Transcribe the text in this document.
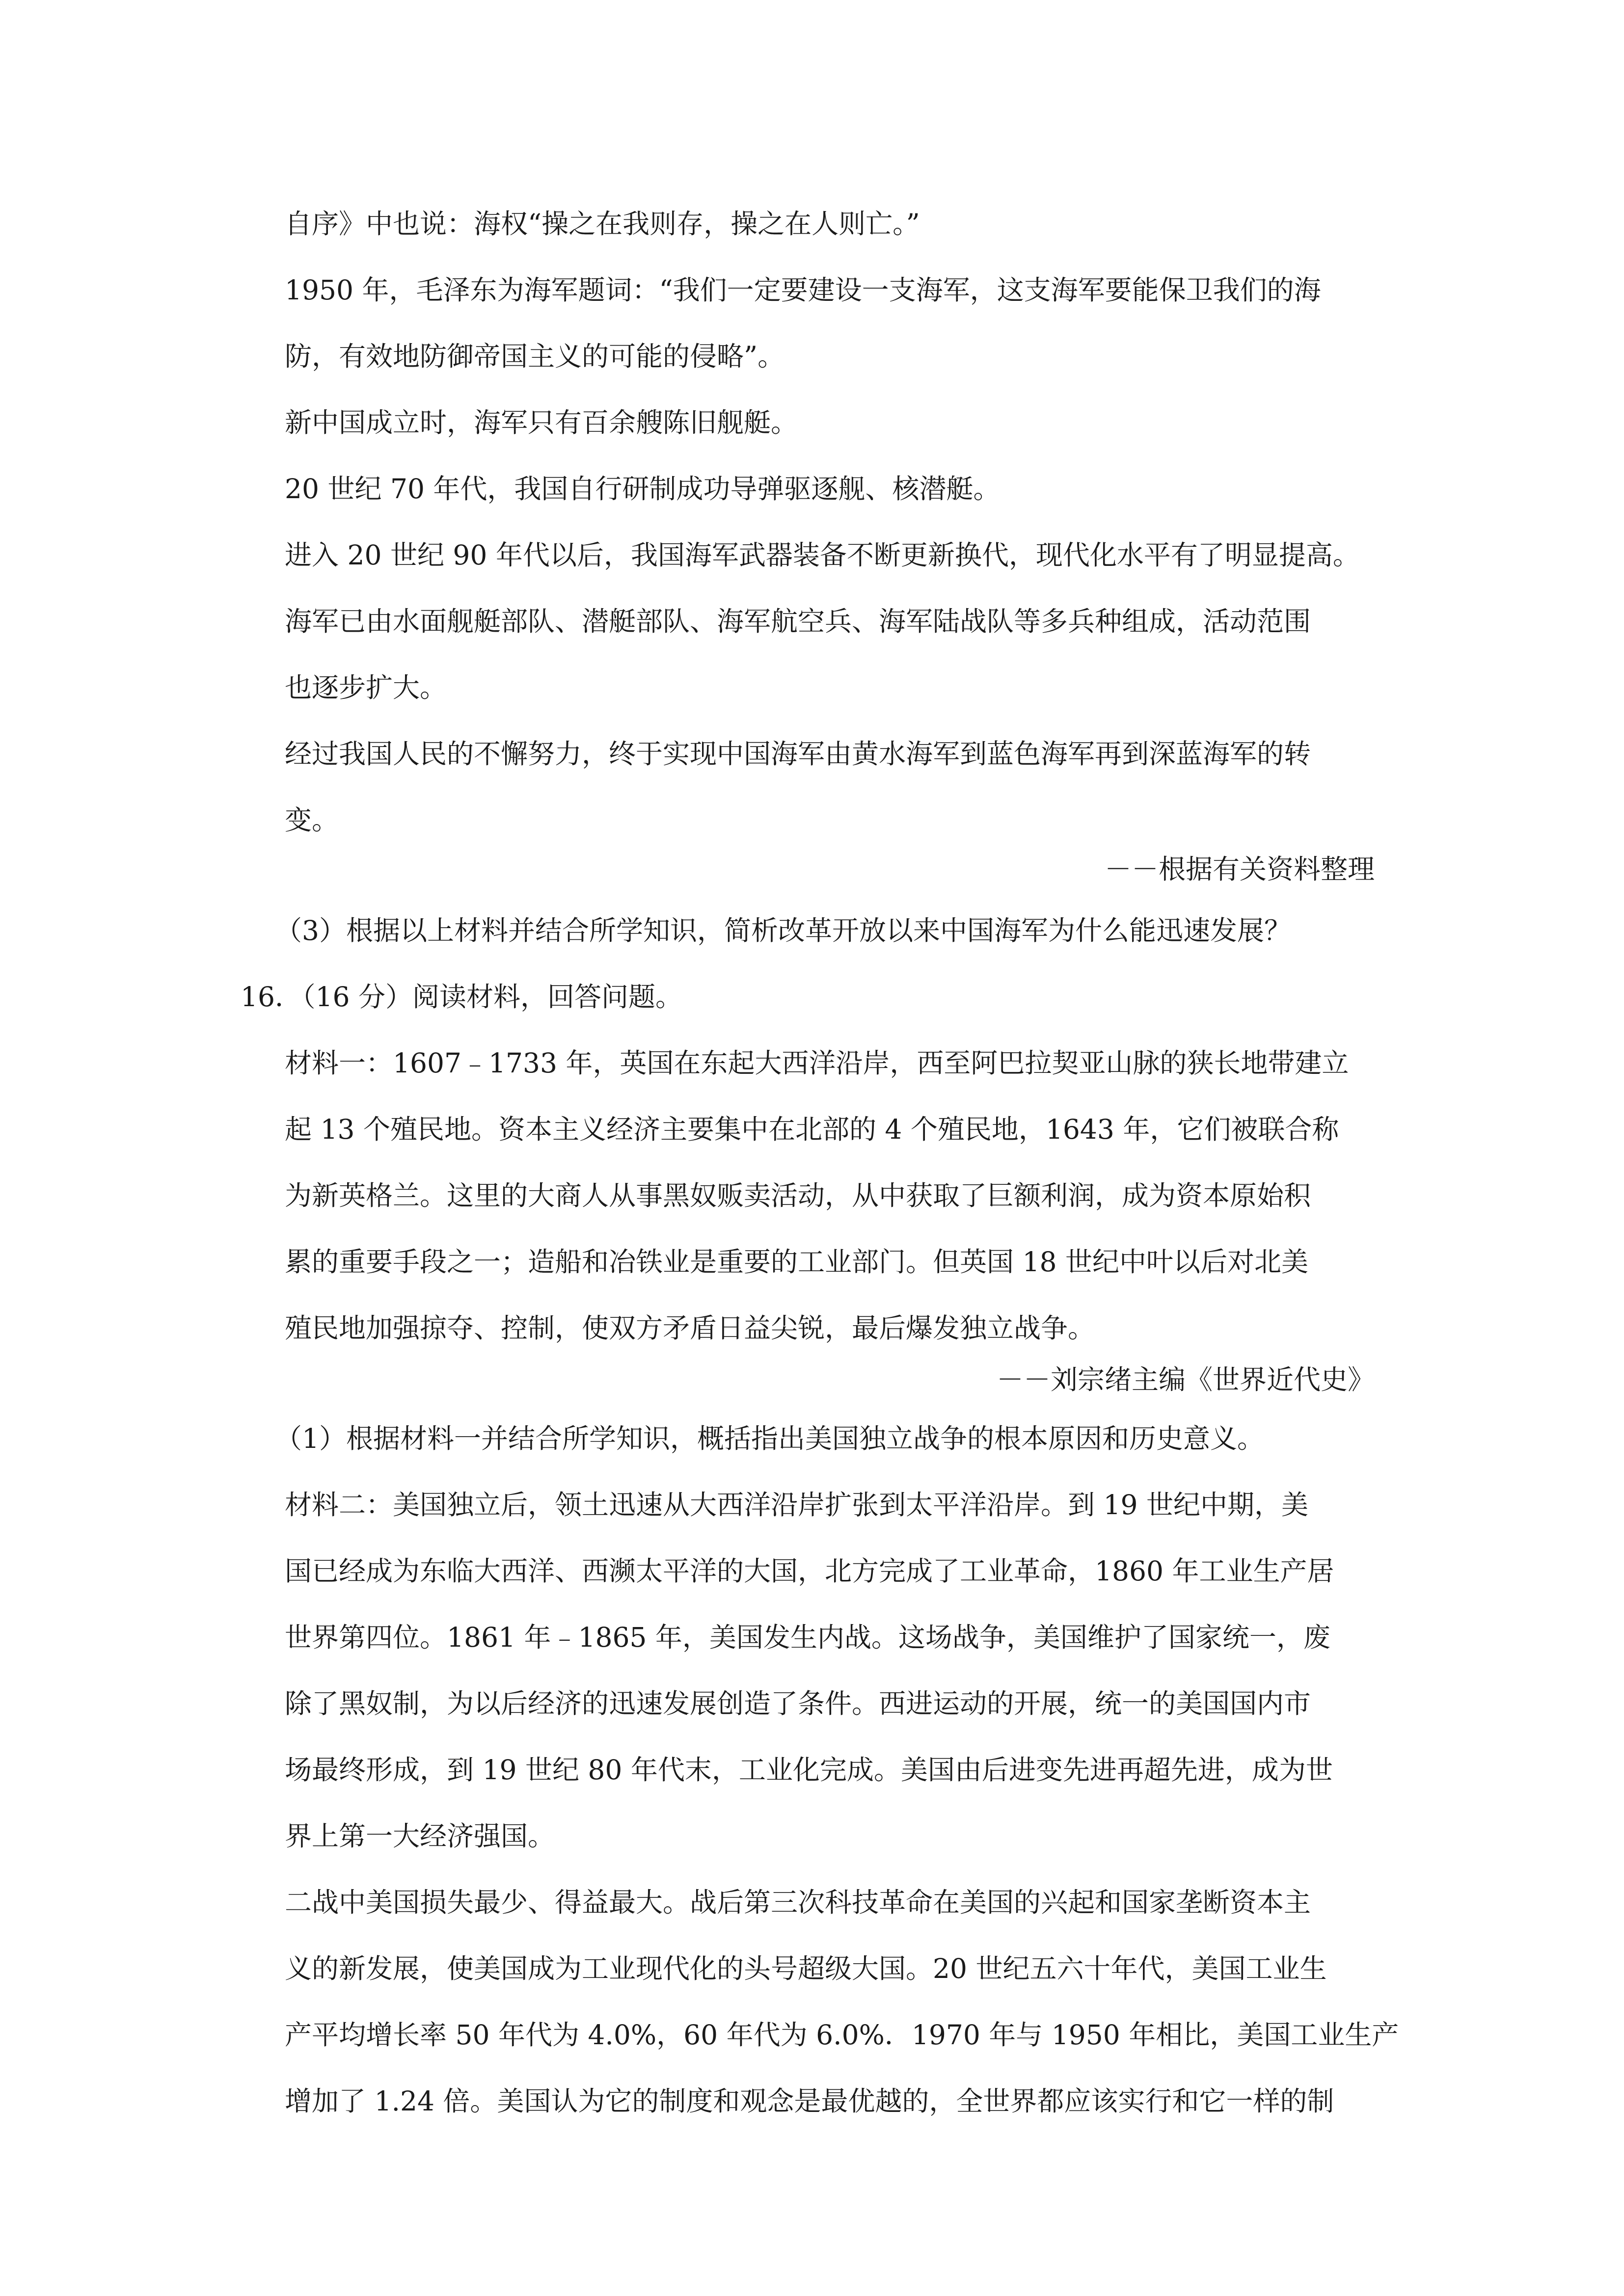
自序》中也说：海权“操之在我则存，操之在人则亡。”
1950 年，毛泽东为海军题词：“我们一定要建设一支海军，这支海军要能保卫我们的海
防，有效地防御帝国主义的可能的侵略”。
新中国成立时，海军只有百余艘陈旧舰艇。
20 世纪 70 年代，我国自行研制成功导弹驱逐舰、核潜艇。
进入 20 世纪 90 年代以后，我国海军武器装备不断更新换代，现代化水平有了明显提高。
海军已由水面舰艇部队、潜艇部队、海军航空兵、海军陆战队等多兵种组成，活动范围
也逐步扩大。
经过我国人民的不懈努力，终于实现中国海军由黄水海军到蓝色海军再到深蓝海军的转
变。
－－根据有关资料整理
（3）根据以上材料并结合所学知识，简析改革开放以来中国海军为什么能迅速发展？
16．（16 分）阅读材料，回答问题。
材料一：1607﹣1733 年，英国在东起大西洋沿岸，西至阿巴拉契亚山脉的狭长地带建立
起 13 个殖民地。资本主义经济主要集中在北部的 4 个殖民地，1643 年，它们被联合称
为新英格兰。这里的大商人从事黑奴贩卖活动，从中获取了巨额利润，成为资本原始积
累的重要手段之一；造船和冶铁业是重要的工业部门。但英国 18 世纪中叶以后对北美
殖民地加强掠夺、控制，使双方矛盾日益尖锐，最后爆发独立战争。
－－刘宗绪主编《世界近代史》
（1）根据材料一并结合所学知识，概括指出美国独立战争的根本原因和历史意义。
材料二：美国独立后，领土迅速从大西洋沿岸扩张到太平洋沿岸。到 19 世纪中期，美
国已经成为东临大西洋、西濒太平洋的大国，北方完成了工业革命，1860 年工业生产居
世界第四位。1861 年﹣1865 年，美国发生内战。这场战争，美国维护了国家统一，废
除了黑奴制，为以后经济的迅速发展创造了条件。西进运动的开展，统一的美国国内市
场最终形成，到 19 世纪 80 年代末，工业化完成。美国由后进变先进再超先进，成为世
界上第一大经济强国。
二战中美国损失最少、得益最大。战后第三次科技革命在美国的兴起和国家垄断资本主
义的新发展，使美国成为工业现代化的头号超级大国。20 世纪五六十年代，美国工业生
产平均增长率 50 年代为 4.0%，60 年代为 6.0%．1970 年与 1950 年相比，美国工业生产
增加了 1.24 倍。美国认为它的制度和观念是最优越的，全世界都应该实行和它一样的制
